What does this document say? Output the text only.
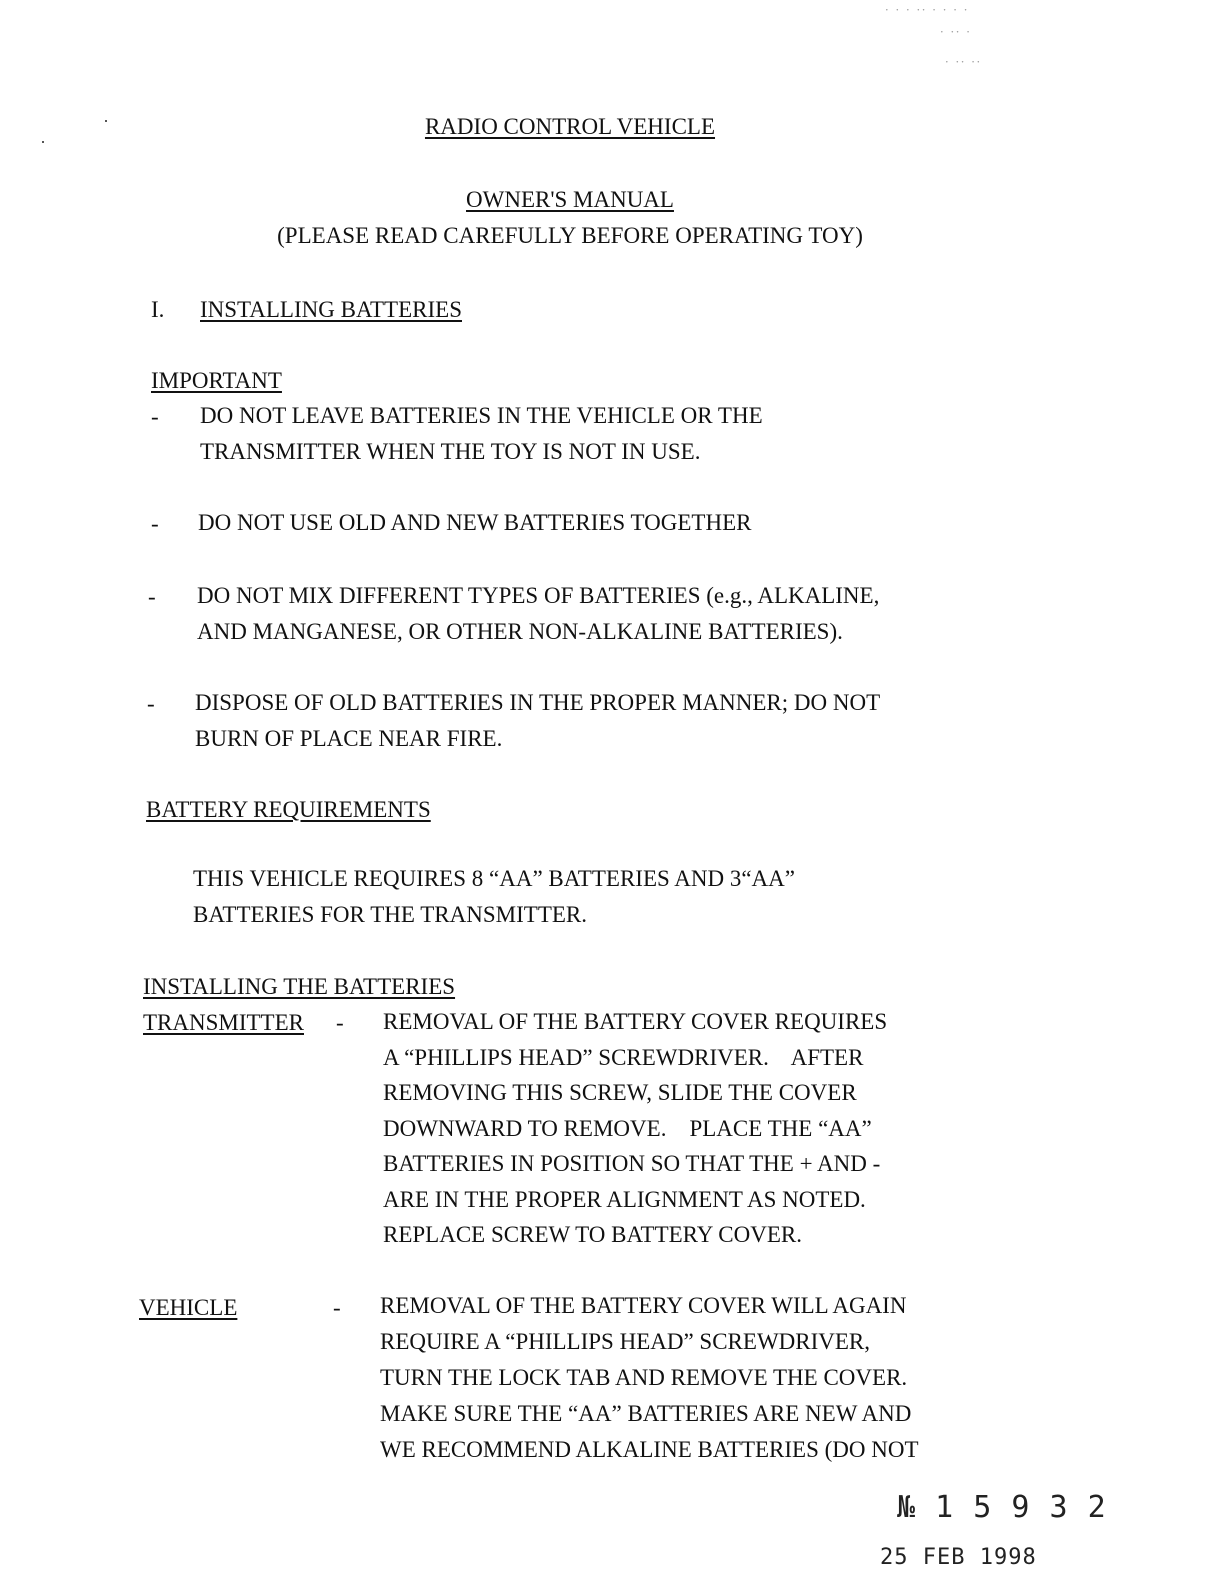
· · · ·· · · · ·
· ·· ·
· ·· ··
RADIO CONTROL VEHICLE
OWNER'S MANUAL
(PLEASE READ CAREFULLY BEFORE OPERATING TOY)
I. INSTALLING BATTERIES
IMPORTANT
- DO NOT LEAVE BATTERIES IN THE VEHICLE OR THE
TRANSMITTER WHEN THE TOY IS NOT IN USE.
- DO NOT USE OLD AND NEW BATTERIES TOGETHER
- DO NOT MIX DIFFERENT TYPES OF BATTERIES (e.g., ALKALINE,
AND MANGANESE, OR OTHER NON-ALKALINE BATTERIES).
- DISPOSE OF OLD BATTERIES IN THE PROPER MANNER; DO NOT
BURN OF PLACE NEAR FIRE.
BATTERY REQUIREMENTS
THIS VEHICLE REQUIRES 8 “AA” BATTERIES AND 3“AA”
BATTERIES FOR THE TRANSMITTER.
INSTALLING THE BATTERIES
TRANSMITTER - REMOVAL OF THE BATTERY COVER REQUIRES
A “PHILLIPS HEAD” SCREWDRIVER.    AFTER
REMOVING THIS SCREW, SLIDE THE COVER
DOWNWARD TO REMOVE.    PLACE THE “AA”
BATTERIES IN POSITION SO THAT THE + AND -
ARE IN THE PROPER ALIGNMENT AS NOTED.
REPLACE SCREW TO BATTERY COVER.
VEHICLE	- REMOVAL OF THE BATTERY COVER WILL AGAIN
REQUIRE A “PHILLIPS HEAD” SCREWDRIVER,
TURN THE LOCK TAB AND REMOVE THE COVER.
MAKE SURE THE “AA” BATTERIES ARE NEW AND
WE RECOMMEND ALKALINE BATTERIES (DO NOT
№ 1 5 9 3 2
25 FEB 1998
